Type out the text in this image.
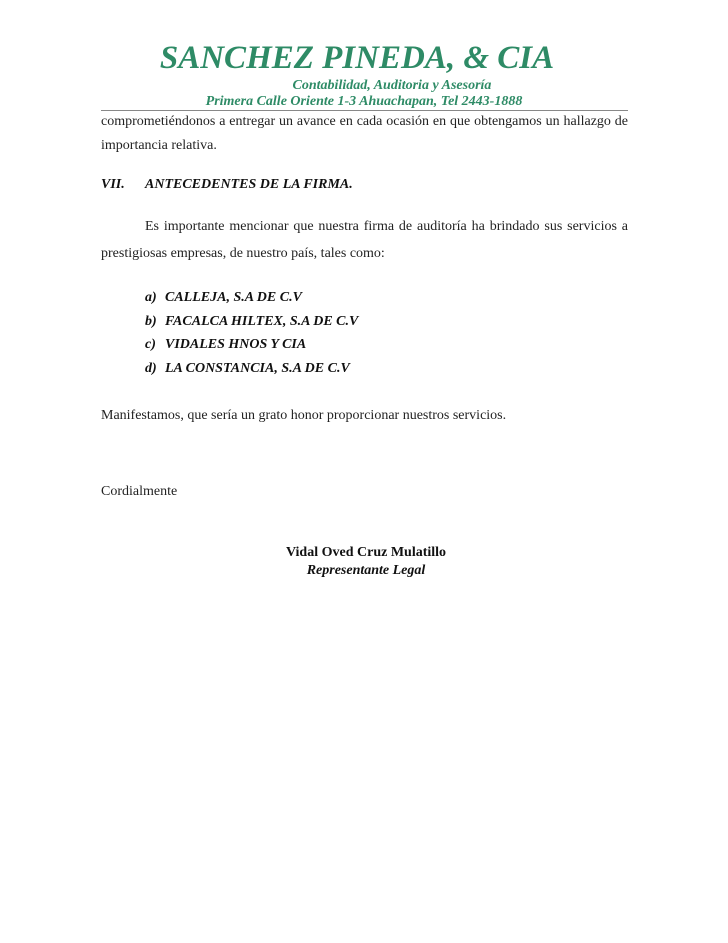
SANCHEZ PINEDA, & CIA
Contabilidad, Auditoria y Asesoría
Primera Calle Oriente 1-3 Ahuachapan, Tel 2443-1888
comprometiéndonos a entregar un avance en cada ocasión en que obtengamos un hallazgo de importancia relativa.
VII. ANTECEDENTES DE LA FIRMA.
Es importante mencionar que nuestra firma de auditoría ha brindado sus servicios a prestigiosas empresas, de nuestro país, tales como:
a) CALLEJA, S.A DE C.V
b) FACALCA HILTEX, S.A DE C.V
c) VIDALES HNOS Y CIA
d) LA CONSTANCIA, S.A DE C.V
Manifestamos, que sería un grato honor proporcionar nuestros servicios.
Cordialmente
Vidal Oved Cruz Mulatillo
Representante Legal
